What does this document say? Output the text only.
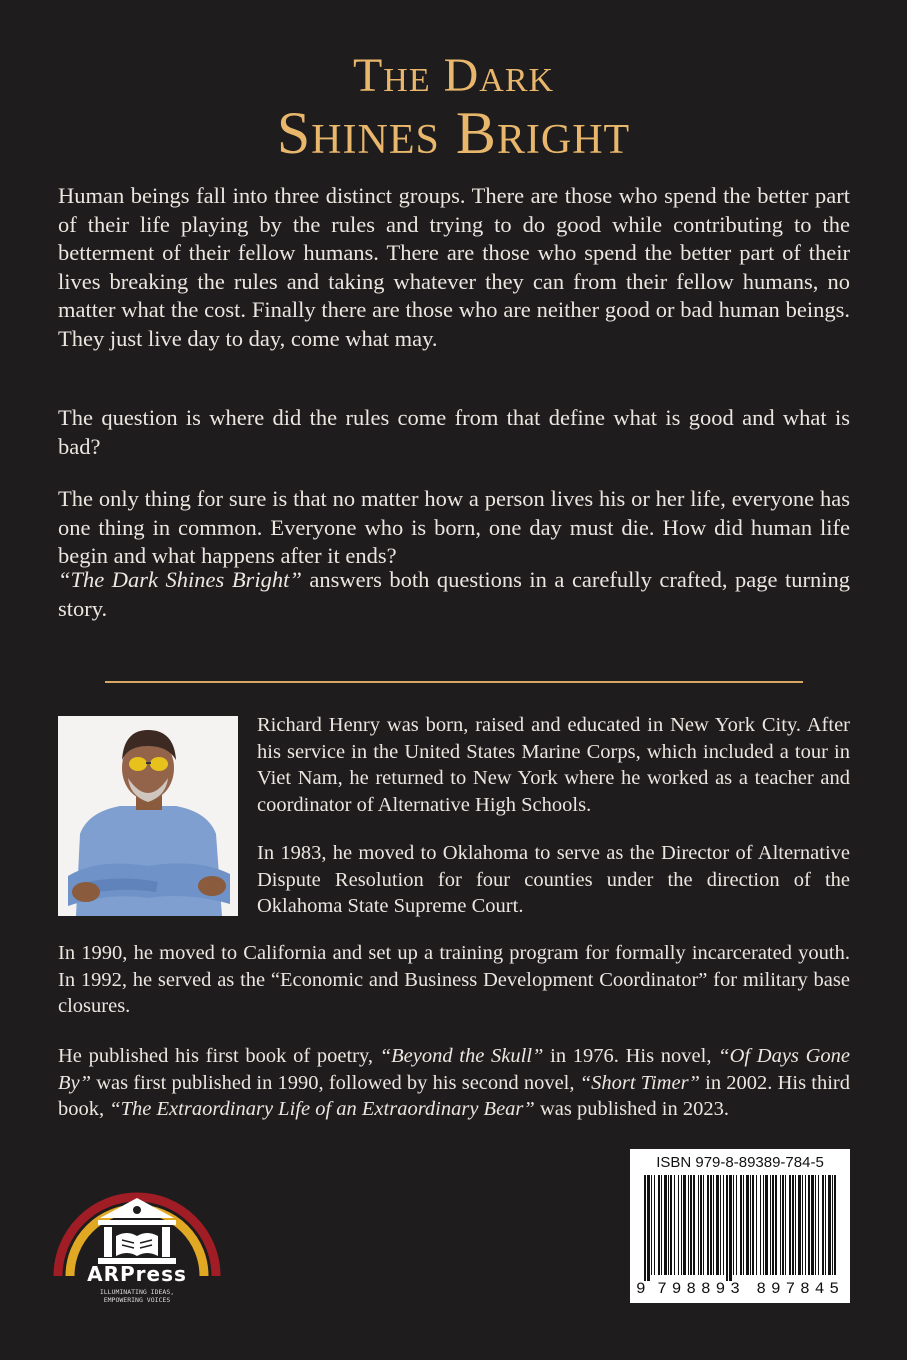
The Dark
Shines Bright

Human beings fall into three distinct groups. There are those who spend the better part of their life playing by the rules and trying to do good while contributing to the betterment of their fellow humans. There are those who spend the better part of their lives breaking the rules and taking whatever they can from their fellow humans, no matter what the cost. Finally there are those who are neither good or bad human beings. They just live day to day, come what may.

The question is where did the rules come from that define what is good and what is bad?

The only thing for sure is that no matter how a person lives his or her life, everyone has one thing in common. Everyone who is born, one day must die. How did human life begin and what happens after it ends?

“The Dark Shines Bright” answers both questions in a carefully crafted, page turning story.

Richard Henry was born, raised and educated in New York City. After his service in the United States Marine Corps, which included a tour in Viet Nam, he returned to New York where he worked as a teacher and coordinator of Alternative High Schools.

In 1983, he moved to Oklahoma to serve as the Director of Alternative Dispute Resolution for four counties under the direction of the Oklahoma State Supreme Court.

In 1990, he moved to California and set up a training program for formally incarcerated youth. In 1992, he served as the “Economic and Business Development Coordinator” for military base closures.

He published his first book of poetry, “Beyond the Skull” in 1976. His novel, “Of Days Gone By” was first published in 1990, followed by his second novel, “Short Timer” in 2002. His third book, “The Extraordinary Life of an Extraordinary Bear” was published in 2023.

ARPress
ILLUMINATING IDEAS,
EMPOWERING VOICES
ISBN 979-8-89389-784-5
9 798893 897845
